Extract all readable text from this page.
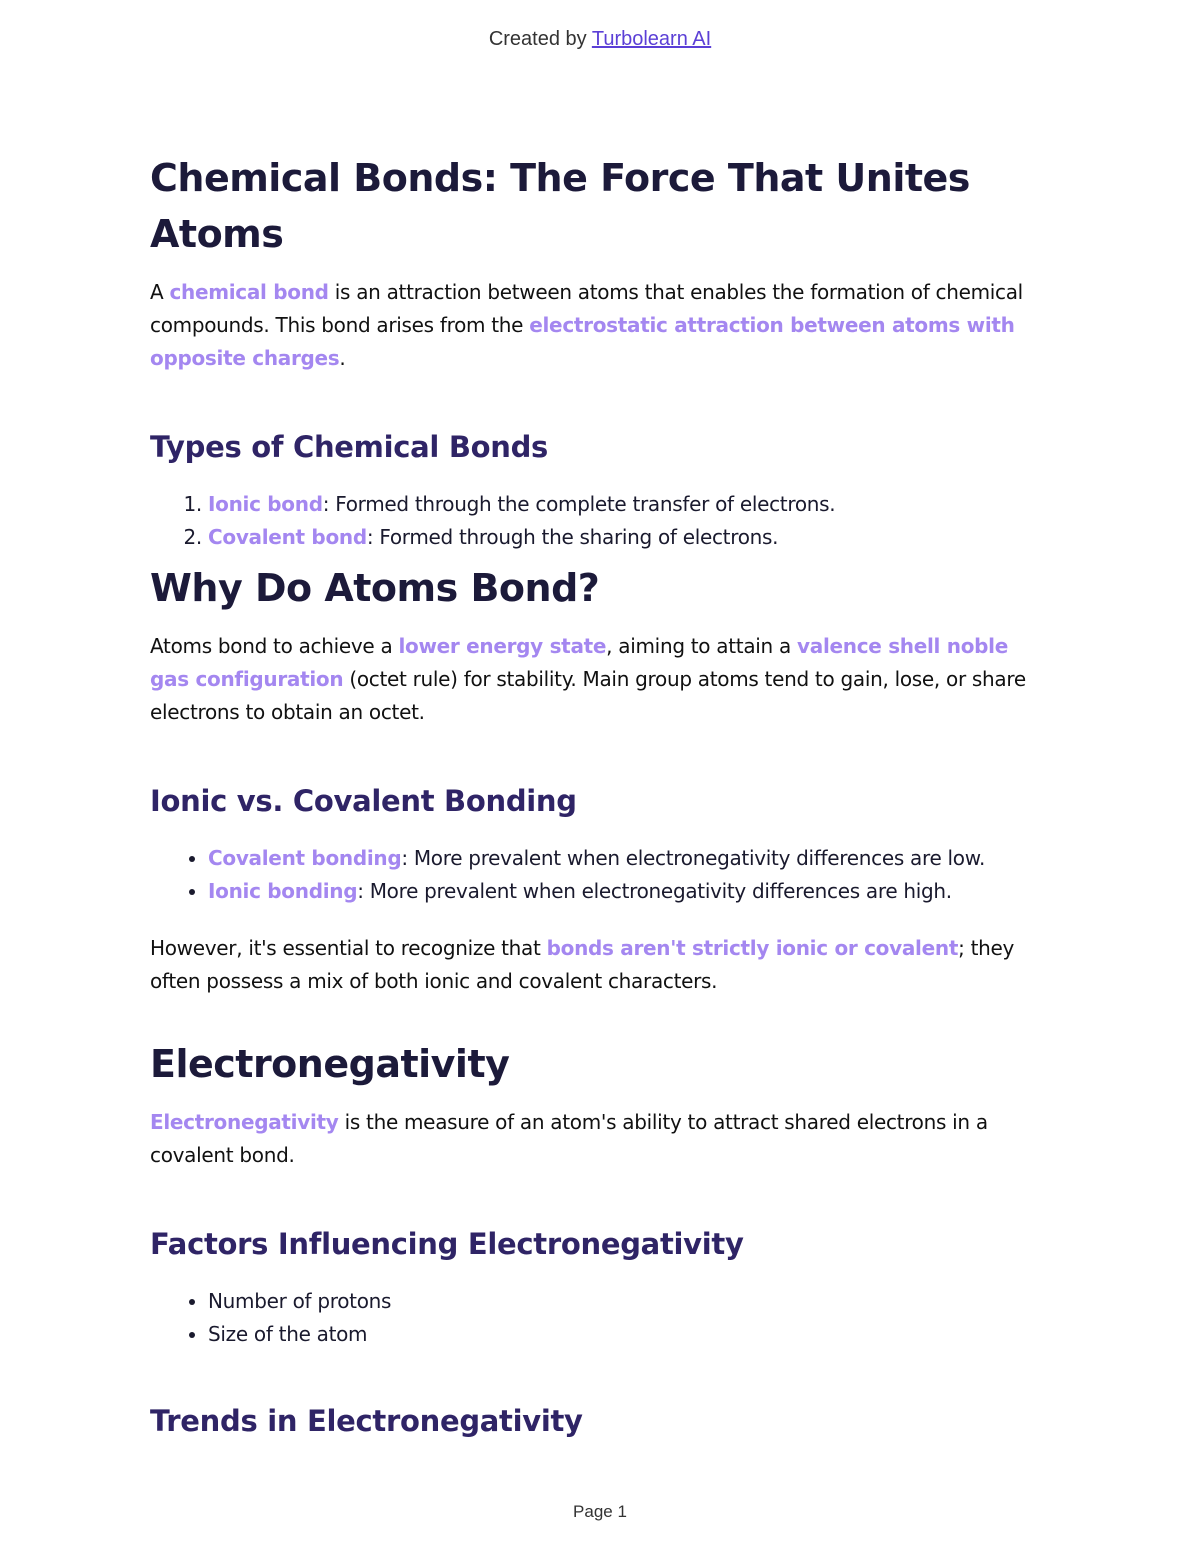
Created by Turbolearn AI
Chemical Bonds: The Force That Unites Atoms

A chemical bond is an attraction between atoms that enables the formation of chemical compounds. This bond arises from the electrostatic attraction between atoms with opposite charges.

Types of Chemical Bonds
1. Ionic bond: Formed through the complete transfer of electrons.
2. Covalent bond: Formed through the sharing of electrons.
Why Do Atoms Bond?

Atoms bond to achieve a lower energy state, aiming to attain a valence shell noble gas configuration (octet rule) for stability. Main group atoms tend to gain, lose, or share electrons to obtain an octet.

Ionic vs. Covalent Bonding
• Covalent bonding: More prevalent when electronegativity differences are low.
• Ionic bonding: More prevalent when electronegativity differences are high.

However, it's essential to recognize that bonds aren't strictly ionic or covalent; they often possess a mix of both ionic and covalent characters.

Electronegativity

Electronegativity is the measure of an atom's ability to attract shared electrons in a covalent bond.

Factors Influencing Electronegativity
• Number of protons
• Size of the atom
Trends in Electronegativity
Page 1
